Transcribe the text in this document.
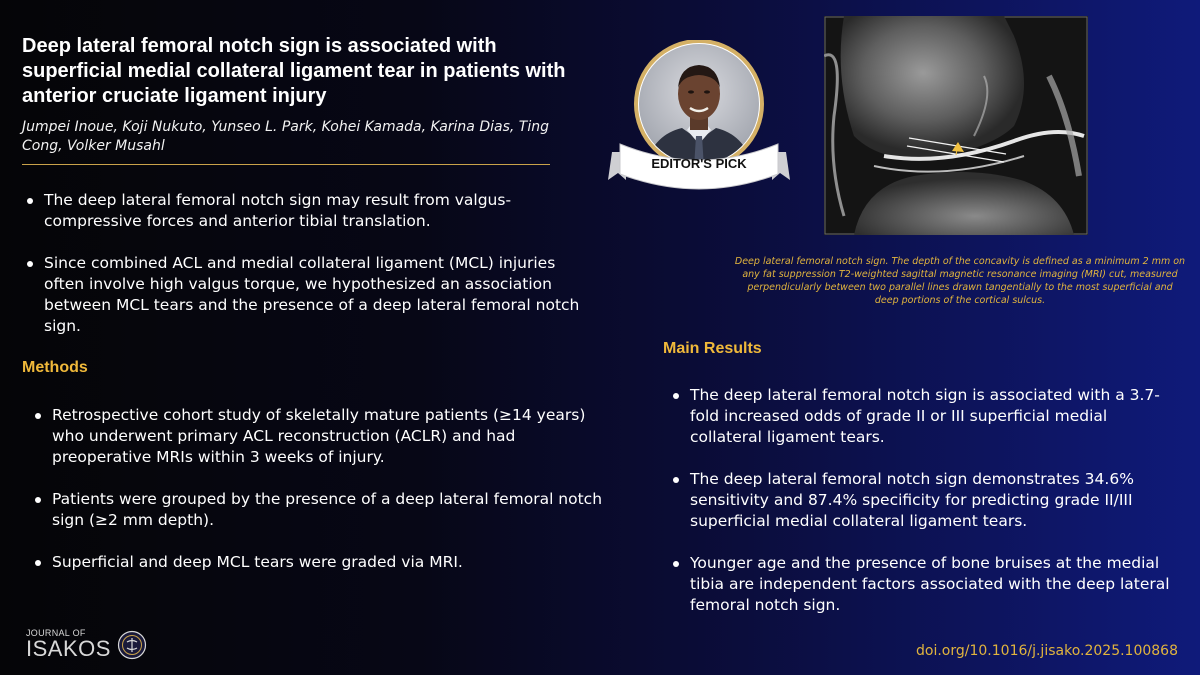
Deep lateral femoral notch sign is associated with superficial medial collateral ligament tear in patients with anterior cruciate ligament injury

Jumpei Inoue, Koji Nukuto, Yunseo L. Park, Kohei Kamada, Karina Dias, Ting Cong, Volker Musahl

The deep lateral femoral notch sign may result from valgus-compressive forces and anterior tibial translation.
Since combined ACL and medial collateral ligament (MCL) injuries often involve high valgus torque, we hypothesized an association between MCL tears and the presence of a deep lateral femoral notch sign.
Methods
Retrospective cohort study of skeletally mature patients (≥14 years) who underwent primary ACL reconstruction (ACLR) and had preoperative MRIs within 3 weeks of injury.
Patients were grouped by the presence of a deep lateral femoral notch sign (≥2 mm depth).
Superficial and deep MCL tears were graded via MRI.
EDITOR'S PICK

Deep lateral femoral notch sign. The depth of the concavity is defined as a minimum 2 mm on any fat suppression T2-weighted sagittal magnetic resonance imaging (MRI) cut, measured perpendicularly between two parallel lines drawn tangentially to the most superficial and deep portions of the cortical sulcus.

Main Results
The deep lateral femoral notch sign is associated with a 3.7-fold increased odds of grade II or III superficial medial collateral ligament tears.
The deep lateral femoral notch sign demonstrates 34.6% sensitivity and 87.4% specificity for predicting grade II/III superficial medial collateral ligament tears.
Younger age and the presence of bone bruises at the medial tibia are independent factors associated with the deep lateral femoral notch sign.
JOURNAL OF
ISAKOS	doi.org/10.1016/j.jisako.2025.100868
